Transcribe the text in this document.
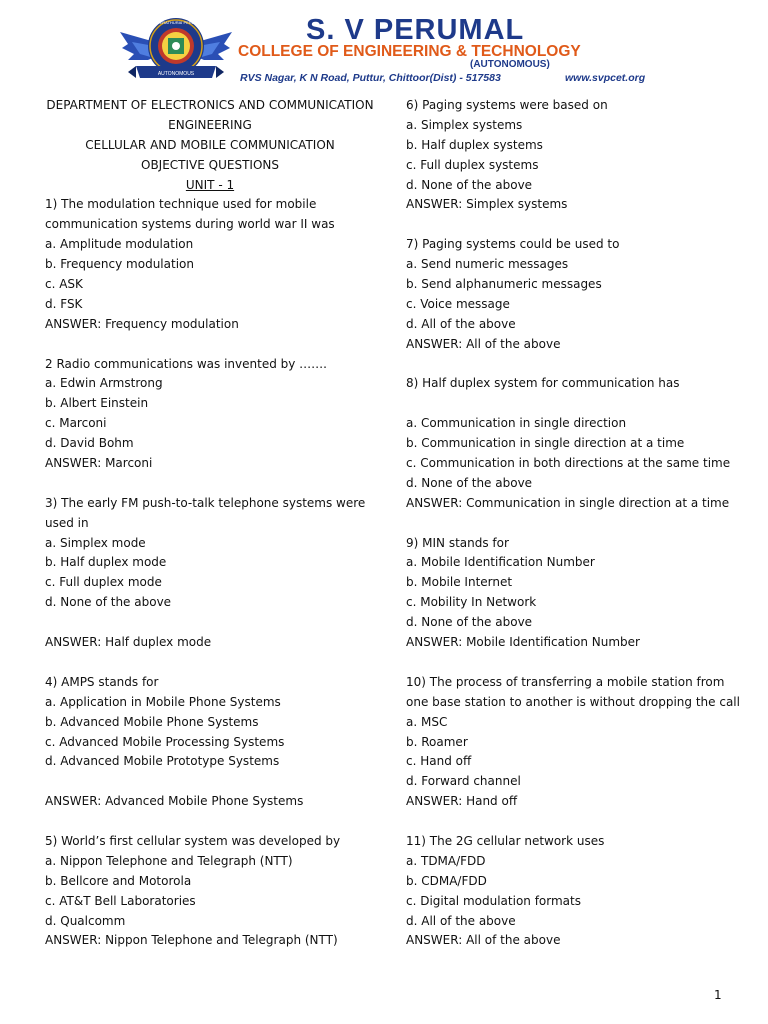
AUTONOMOUS
SRI PERATHURAI PERUMAL	S. V PERUMAL
COLLEGE OF ENGINEERING & TECHNOLOGY
(AUTONOMOUS)
RVS Nagar, K N Road, Puttur, Chittoor(Dist) - 517583	www.svpcet.org
DEPARTMENT OF ELECTRONICS AND COMMUNICATION
ENGINEERING
CELLULAR AND MOBILE COMMUNICATION
OBJECTIVE QUESTIONS
UNIT - 1
1) The modulation technique used for mobile
communication systems during world war II was
a. Amplitude modulation
b. Frequency modulation
c. ASK
d. FSK
ANSWER: Frequency modulation
2 Radio communications was invented by …….
a. Edwin Armstrong
b. Albert Einstein
c. Marconi
d. David Bohm
ANSWER: Marconi
3) The early FM push-to-talk telephone systems were
used in
a. Simplex mode
b. Half duplex mode
c. Full duplex mode
d. None of the above
ANSWER: Half duplex mode
4) AMPS stands for
a. Application in Mobile Phone Systems
b. Advanced Mobile Phone Systems
c. Advanced Mobile Processing Systems
d. Advanced Mobile Prototype Systems
ANSWER: Advanced Mobile Phone Systems
5) World’s first cellular system was developed by
a. Nippon Telephone and Telegraph (NTT)
b. Bellcore and Motorola
c. AT&T Bell Laboratories
d. Qualcomm
ANSWER: Nippon Telephone and Telegraph (NTT)
6) Paging systems were based on
a. Simplex systems
b. Half duplex systems
c. Full duplex systems
d. None of the above
ANSWER: Simplex systems
7) Paging systems could be used to
a. Send numeric messages
b. Send alphanumeric messages
c. Voice message
d. All of the above
ANSWER: All of the above
8) Half duplex system for communication has
a. Communication in single direction
b. Communication in single direction at a time
c. Communication in both directions at the same time
d. None of the above
ANSWER: Communication in single direction at a time
9) MIN stands for
a. Mobile Identification Number
b. Mobile Internet
c. Mobility In Network
d. None of the above
ANSWER: Mobile Identification Number
10) The process of transferring a mobile station from
one base station to another is without dropping the call
a. MSC
b. Roamer
c. Hand off
d. Forward channel
ANSWER: Hand off
11) The 2G cellular network uses
a. TDMA/FDD
b. CDMA/FDD
c. Digital modulation formats
d. All of the above
ANSWER: All of the above
1
